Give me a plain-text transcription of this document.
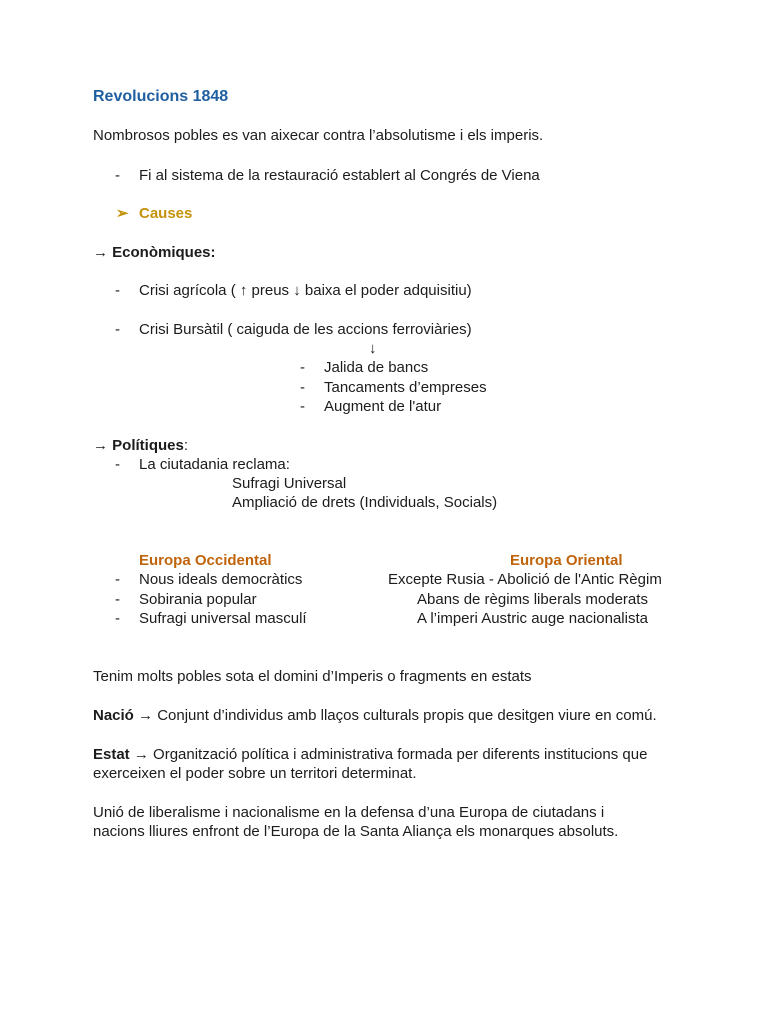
Revolucions 1848
Nombrosos pobles es van aixecar contra l’absolutisme i els imperis.
- Fi al sistema de la restauració establert al Congrés de Viena
➢ Causes
→ Econòmiques:
- Crisi agrícola ( ↑ preus ↓ baixa el poder adquisitiu)
- Crisi Bursàtil ( caiguda de les accions ferroviàries)
↓
- Jalida de bancs
- Tancaments d’empreses
- Augment de l'atur
→ Polítiques:
- La ciutadania reclama:
Sufragi Universal
Ampliació de drets (Individuals, Socials)
Europa Occidental	Europa Oriental
- Nous ideals democràtics
- Sobirania popular
- Sufragi universal masculí
Excepte Rusia - Abolició de l'Antic Règim
Abans de règims liberals moderats
A l’imperi Austric auge nacionalista
Tenim molts pobles sota el domini d’Imperis o fragments en estats
Nació → Conjunt d’individus amb llaços culturals propis que desitgen viure en comú.
Estat → Organització política i administrativa formada per diferents institucions que
exerceixen el poder sobre un territori determinat.
Unió de liberalisme i nacionalisme en la defensa d’una Europa de ciutadans i
nacions lliures enfront de l’Europa de la Santa Aliança els monarques absoluts.
